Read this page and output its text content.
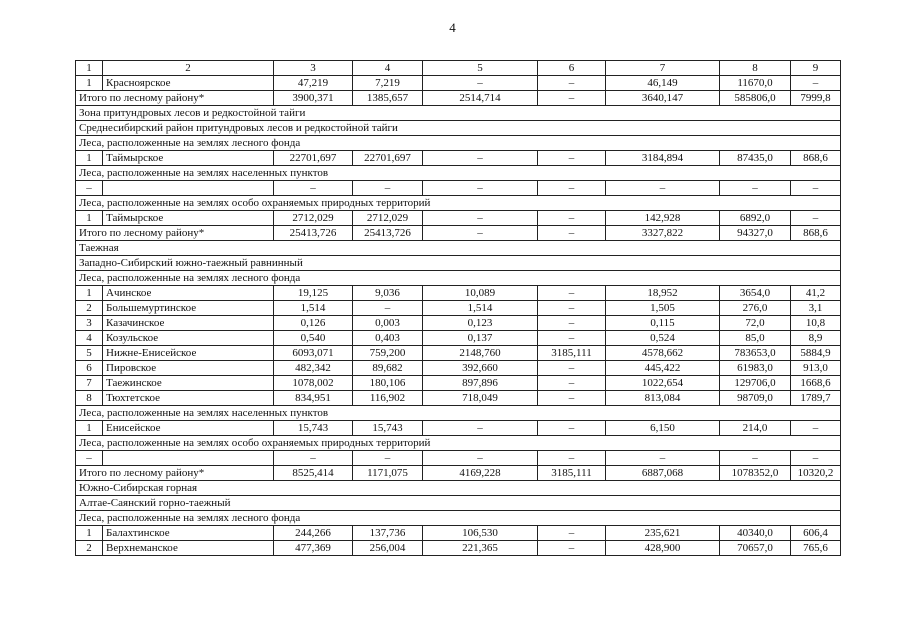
4
1	2	3	4	5	6	7	8	9
1	Красноярское	47,219	7,219	–	–	46,149	11670,0	–
Итого по лесному району*		3900,371	1385,657	2514,714	–	3640,147	585806,0	7999,8
Зона притундровых лесов и редкостойной тайги								
Среднесибирский район притундровых лесов и редкостойной тайги								
Леса, расположенные на землях лесного фонда								
1	Таймырское	22701,697	22701,697	–	–	3184,894	87435,0	868,6
Леса, расположенные на землях населенных пунктов								
–		–	–	–	–	–	–	–
Леса, расположенные на землях особо охраняемых природных территорий								
1	Таймырское	2712,029	2712,029	–	–	142,928	6892,0	–
Итого по лесному району*		25413,726	25413,726	–	–	3327,822	94327,0	868,6
Таежная								
Западно-Сибирский южно-таежный равнинный								
Леса, расположенные на землях лесного фонда								
1	Ачинское	19,125	9,036	10,089	–	18,952	3654,0	41,2
2	Большемуртинское	1,514	–	1,514	–	1,505	276,0	3,1
3	Казачинское	0,126	0,003	0,123	–	0,115	72,0	10,8
4	Козульское	0,540	0,403	0,137	–	0,524	85,0	8,9
5	Нижне-Енисейское	6093,071	759,200	2148,760	3185,111	4578,662	783653,0	5884,9
6	Пировское	482,342	89,682	392,660	–	445,422	61983,0	913,0
7	Таежинское	1078,002	180,106	897,896	–	1022,654	129706,0	1668,6
8	Тюхтетское	834,951	116,902	718,049	–	813,084	98709,0	1789,7
Леса, расположенные на землях населенных пунктов								
1	Енисейское	15,743	15,743	–	–	6,150	214,0	–
Леса, расположенные на землях особо охраняемых природных территорий								
–		–	–	–	–	–	–	–
Итого по лесному району*		8525,414	1171,075	4169,228	3185,111	6887,068	1078352,0	10320,2
Южно-Сибирская горная								
Алтае-Саянский горно-таежный								
Леса, расположенные на землях лесного фонда								
1	Балахтинское	244,266	137,736	106,530	–	235,621	40340,0	606,4
2	Верхнеманское	477,369	256,004	221,365	–	428,900	70657,0	765,6
